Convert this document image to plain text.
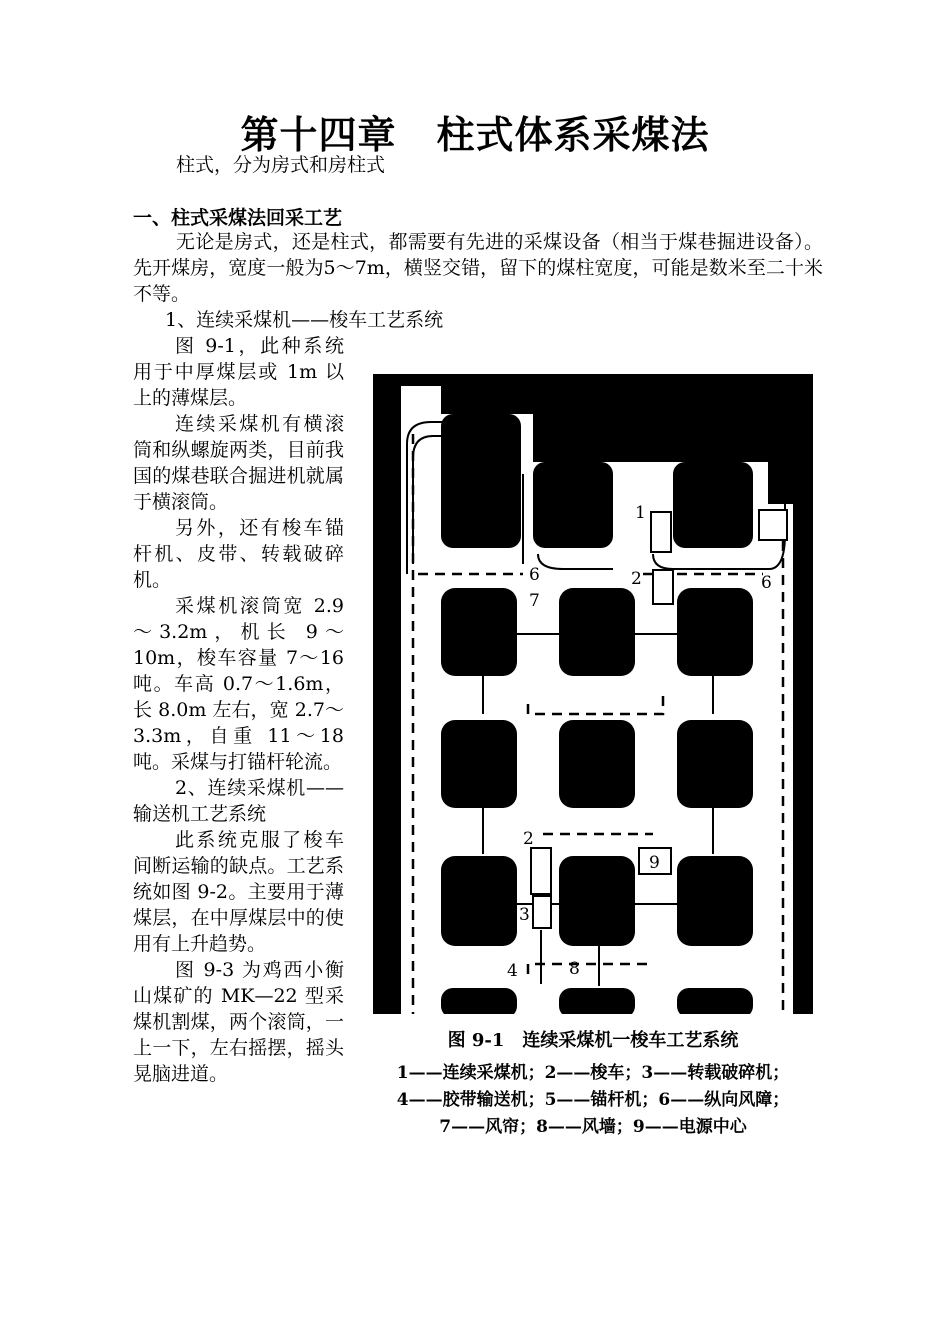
第十四章 柱式体系采煤法

柱式，分为房式和房柱式

一、柱式采煤法回采工艺

无论是房式，还是柱式，都需要有先进的采煤设备（相当于煤巷掘进设备）。先开煤房，宽度一般为5～7m，横竖交错，留下的煤柱宽度，可能是数米至二十米不等。

1、连续采煤机——梭车工艺系统

图 9-1，此种系统用于中厚煤层或 1m 以上的薄煤层。

连续采煤机有横滚筒和纵螺旋两类，目前我国的煤巷联合掘进机就属于横滚筒。

另外，还有梭车锚杆机、皮带、转载破碎机。

采煤机滚筒宽 2.9～3.2m，机长 9～10m，梭车容量 7～16 吨。车高 0.7～1.6m，长 8.0m 左右，宽 2.7～3.3m，自重 11～18 吨。采煤与打锚杆轮流。

2、连续采煤机——输送机工艺系统

此系统克服了梭车间断运输的缺点。工艺系统如图 9-2。主要用于薄煤层，在中厚煤层中的使用有上升趋势。

图 9-3 为鸡西小衡山煤矿的 MK—22 型采煤机割煤，两个滚筒，一上一下，左右摇摆，摇头晃脑进道。

1
2
5
6	6
7
2
3
4	8
9

图 9-1　连续采煤机一梭车工艺系统

1——连续采煤机；2——梭车；3——转载破碎机；

4——胶带输送机；5——锚杆机；6——纵向风障；

7——风帘；8——风墙；9——电源中心
